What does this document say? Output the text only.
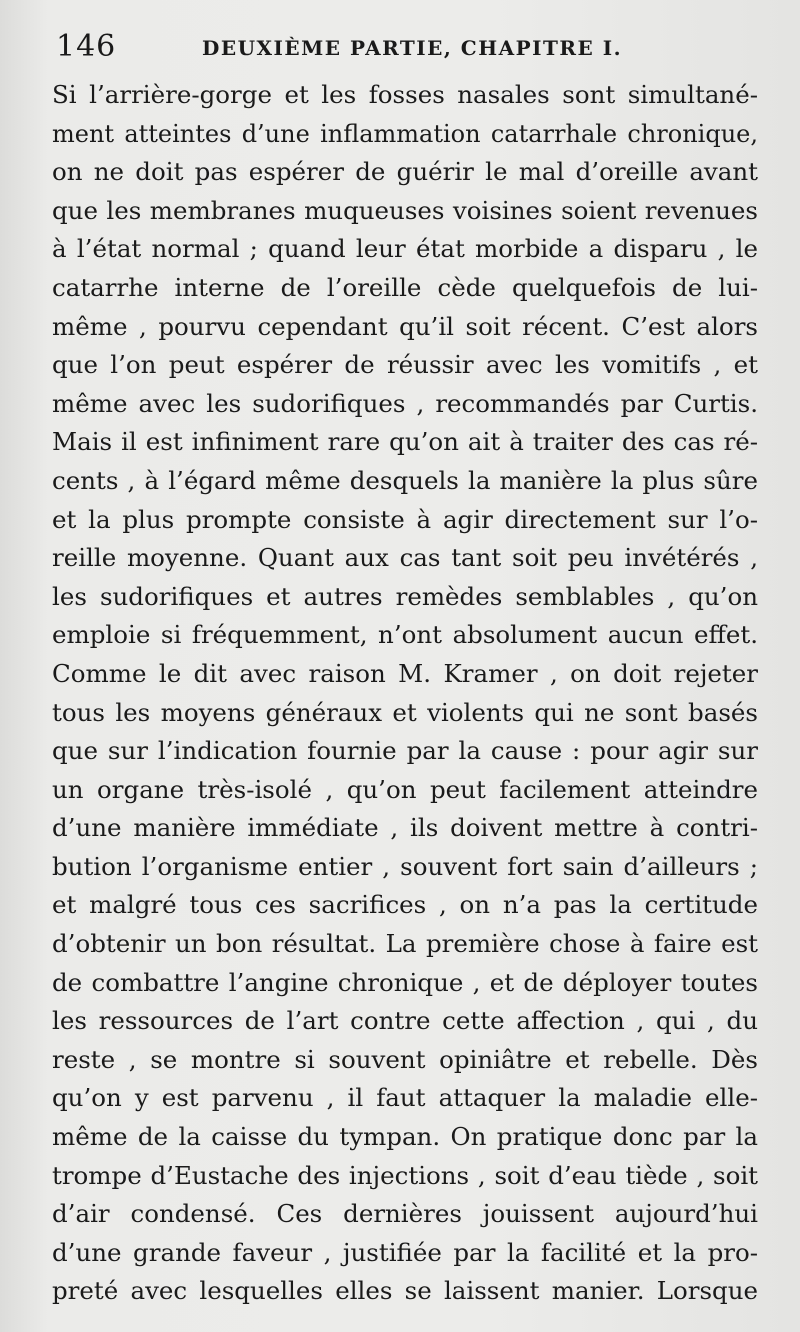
146	DEUXIÈME PARTIE, CHAPITRE I.
Si l’arrière-gorge et les fosses nasales sont simultané-
ment atteintes d’une inflammation catarrhale chronique,
on ne doit pas espérer de guérir le mal d’oreille avant
que les membranes muqueuses voisines soient revenues
à l’état normal ; quand leur état morbide a disparu , le
catarrhe interne de l’oreille cède quelquefois de lui-
même , pourvu cependant qu’il soit récent. C’est alors
que l’on peut espérer de réussir avec les vomitifs , et
même avec les sudorifiques , recommandés par Curtis.
Mais il est infiniment rare qu’on ait à traiter des cas ré-
cents , à l’égard même desquels la manière la plus sûre
et la plus prompte consiste à agir directement sur l’o-
reille moyenne. Quant aux cas tant soit peu invétérés ,
les sudorifiques et autres remèdes semblables , qu’on
emploie si fréquemment, n’ont absolument aucun effet.
Comme le dit avec raison M. Kramer , on doit rejeter
tous les moyens généraux et violents qui ne sont basés
que sur l’indication fournie par la cause : pour agir sur
un organe très-isolé , qu’on peut facilement atteindre
d’une manière immédiate , ils doivent mettre à contri-
bution l’organisme entier , souvent fort sain d’ailleurs ;
et malgré tous ces sacrifices , on n’a pas la certitude
d’obtenir un bon résultat. La première chose à faire est
de combattre l’angine chronique , et de déployer toutes
les ressources de l’art contre cette affection , qui , du
reste , se montre si souvent opiniâtre et rebelle. Dès
qu’on y est parvenu , il faut attaquer la maladie elle-
même de la caisse du tympan. On pratique donc par la
trompe d’Eustache des injections , soit d’eau tiède , soit
d’air condensé. Ces dernières jouissent aujourd’hui
d’une grande faveur , justifiée par la facilité et la pro-
preté avec lesquelles elles se laissent manier. Lorsque
